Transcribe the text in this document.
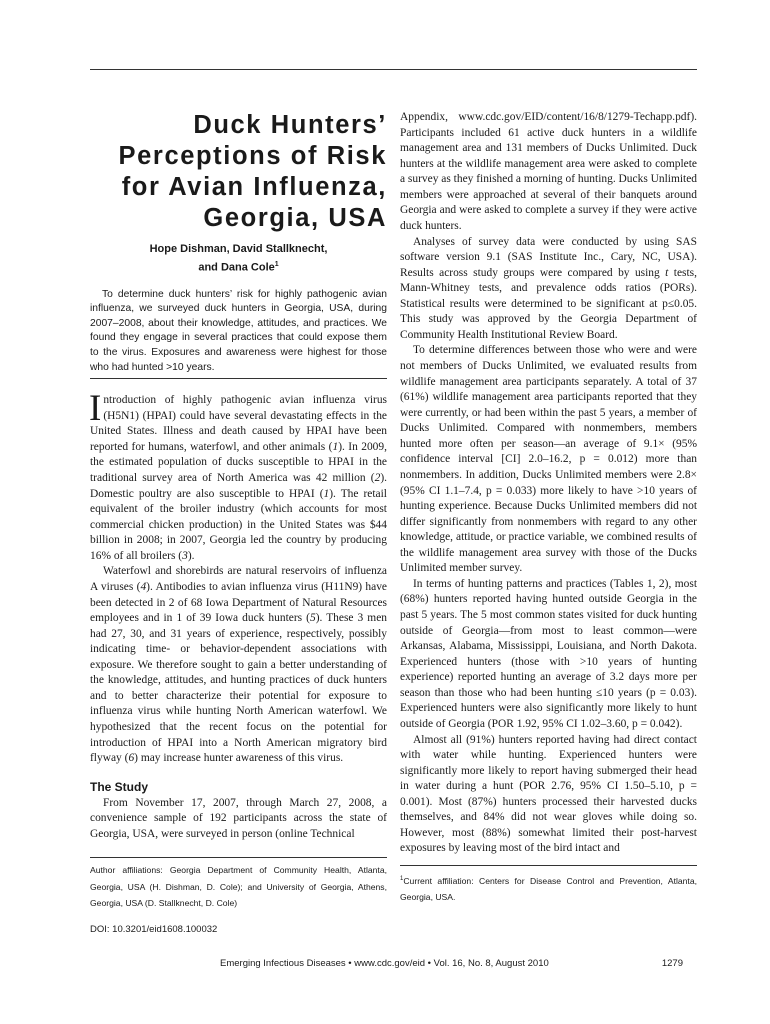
Duck Hunters’
Perceptions of Risk
for Avian Influenza,
Georgia, USA
Hope Dishman, David Stallknecht,
and Dana Cole$^1$

To determine duck hunters’ risk for highly pathogenic avian influenza, we surveyed duck hunters in Georgia, USA, during 2007–2008, about their knowledge, attitudes, and practices. We found they engage in several practices that could expose them to the virus. Exposures and awareness were highest for those who had hunted >10 years.

Introduction of highly pathogenic avian influenza virus (H5N1) (HPAI) could have several devastating effects in the United States. Illness and death caused by HPAI have been reported for humans, waterfowl, and other animals (1). In 2009, the estimated population of ducks susceptible to HPAI in the traditional survey area of North America was 42 million (2). Domestic poultry are also susceptible to HPAI (1). The retail equivalent of the broiler industry (which accounts for most commercial chicken production) in the United States was $44 billion in 2008; in 2007, Georgia led the country by producing 16% of all broilers (3).

Waterfowl and shorebirds are natural reservoirs of influenza A viruses (4). Antibodies to avian influenza virus (H11N9) have been detected in 2 of 68 Iowa Department of Natural Resources employees and in 1 of 39 Iowa duck hunters (5). These 3 men had 27, 30, and 31 years of experience, respectively, possibly indicating time- or behavior-dependent associations with exposure. We therefore sought to gain a better understanding of the knowledge, attitudes, and hunting practices of duck hunters and to better characterize their potential for exposure to influenza virus while hunting North American waterfowl. We hypothesized that the recent focus on the potential for introduction of HPAI into a North American migratory bird flyway (6) may increase hunter awareness of this virus.

The Study

From November 17, 2007, through March 27, 2008, a convenience sample of 192 participants across the state of Georgia, USA, were surveyed in person (online Technical

Author affiliations: Georgia Department of Community Health, Atlanta, Georgia, USA (H. Dishman, D. Cole); and University of Georgia, Athens, Georgia, USA (D. Stallknecht, D. Cole)

DOI: 10.3201/eid1608.100032

Appendix, www.cdc.gov/EID/content/16/8/1279-Techapp.pdf). Participants included 61 active duck hunters in a wildlife management area and 131 members of Ducks Unlimited. Duck hunters at the wildlife management area were asked to complete a survey as they finished a morning of hunting. Ducks Unlimited members were approached at several of their banquets around Georgia and were asked to complete a survey if they were active duck hunters.

Analyses of survey data were conducted by using SAS software version 9.1 (SAS Institute Inc., Cary, NC, USA). Results across study groups were compared by using t tests, Mann-Whitney tests, and prevalence odds ratios (PORs). Statistical results were determined to be significant at p≤0.05. This study was approved by the Georgia Department of Community Health Institutional Review Board.

To determine differences between those who were and were not members of Ducks Unlimited, we evaluated results from wildlife management area participants separately. A total of 37 (61%) wildlife management area participants reported that they were currently, or had been within the past 5 years, a member of Ducks Unlimited. Compared with nonmembers, members hunted more often per season—an average of 9.1× (95% confidence interval [CI] 2.0–16.2, p = 0.012) more than nonmembers. In addition, Ducks Unlimited members were 2.8× (95% CI 1.1–7.4, p = 0.033) more likely to have >10 years of hunting experience. Because Ducks Unlimited members did not differ significantly from nonmembers with regard to any other knowledge, attitude, or practice variable, we combined results of the wildlife management area survey with those of the Ducks Unlimited member survey.

In terms of hunting patterns and practices (Tables 1, 2), most (68%) hunters reported having hunted outside Georgia in the past 5 years. The 5 most common states visited for duck hunting outside of Georgia—from most to least common—were Arkansas, Alabama, Mississippi, Louisiana, and North Dakota. Experienced hunters (those with >10 years of hunting experience) reported hunting an average of 3.2 days more per season than those who had been hunting ≤10 years (p = 0.03). Experienced hunters were also significantly more likely to hunt outside of Georgia (POR 1.92, 95% CI 1.02–3.60, p = 0.042).

Almost all (91%) hunters reported having had direct contact with water while hunting. Experienced hunters were significantly more likely to report having submerged their head in water during a hunt (POR 2.76, 95% CI 1.50–5.10, p = 0.001). Most (87%) hunters processed their harvested ducks themselves, and 84% did not wear gloves while doing so. However, most (88%) somewhat limited their post-harvest exposures by leaving most of the bird intact and

$^1$Current affiliation: Centers for Disease Control and Prevention, Atlanta, Georgia, USA.

Emerging Infectious Diseases • www.cdc.gov/eid • Vol. 16, No. 8, August 2010	1279
